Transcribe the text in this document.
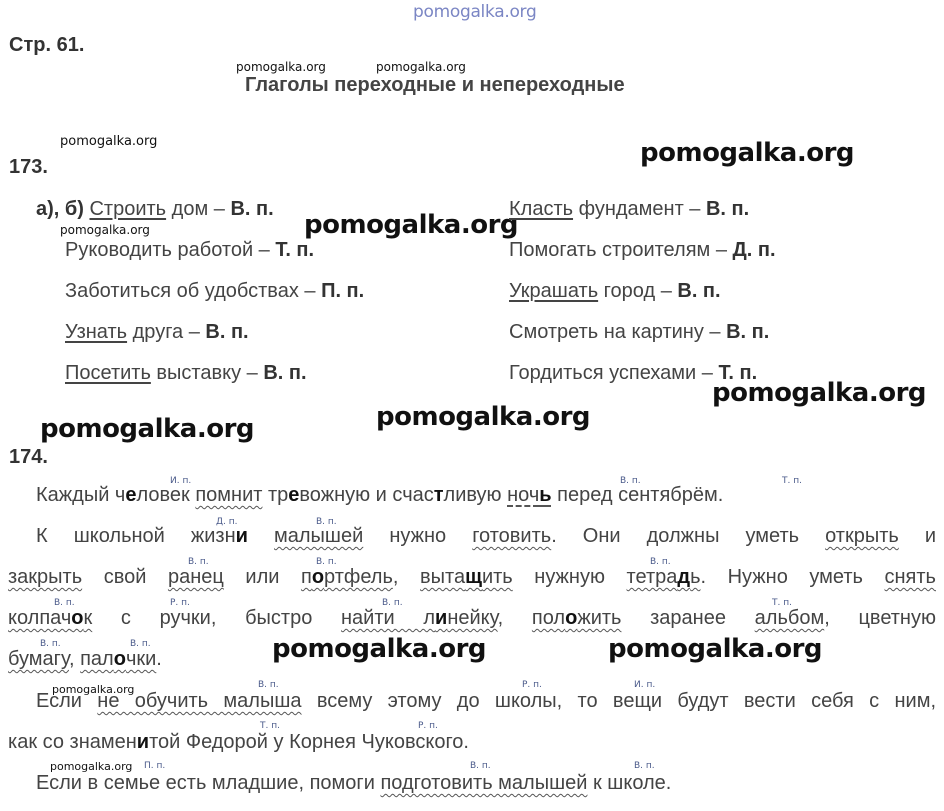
pomogalka.org
Стр. 61.
pomogalka.org	pomogalka.org
Глаголы переходные и непереходные
pomogalka.org
173.	pomogalka.org
а), б) Строить дом – В. п.
pomogalka.org	pomogalka.org
Руководить работой – Т. п.
Заботиться об удобствах – П. п.
Узнать друга – В. п.
Посетить выставку – В. п.
Класть фундамент – В. п.
Помогать строителям – Д. п.
Украшать город – В. п.
Смотреть на картину – В. п.
Гордиться успехами – Т. п.
pomogalka.org
pomogalka.org
pomogalka.org
174.
И. п.	В. п.	Т. п.
Д. п.	В. п.
В. п.	В. п.	В. п.
В. п.	Р. п.	В. п.	Т. п.
В. п.	В. п.
В. п.	Р. п.	И. п.
Т. п.	Р. п.
П. п.	В. п.	В. п.
Каждый человек помнит тревожную и счастливую ночь перед сентябрём.
К школьной жизни малышей нужно готовить. Они должны уметь открыть и
закрыть свой ранец или портфель, вытащить нужную тетрадь. Нужно уметь снять
колпачок с ручки, быстро найти линейку, положить заранее альбом, цветную
бумагу, палочки.	pomogalka.org	pomogalka.org
pomogalka.org
Если не обучить малыша всему этому до школы, то вещи будут вести себя с ним,
как со знаменитой Федорой у Корнея Чуковского.
pomogalka.org
Если в семье есть младшие, помоги подготовить малышей к школе.
